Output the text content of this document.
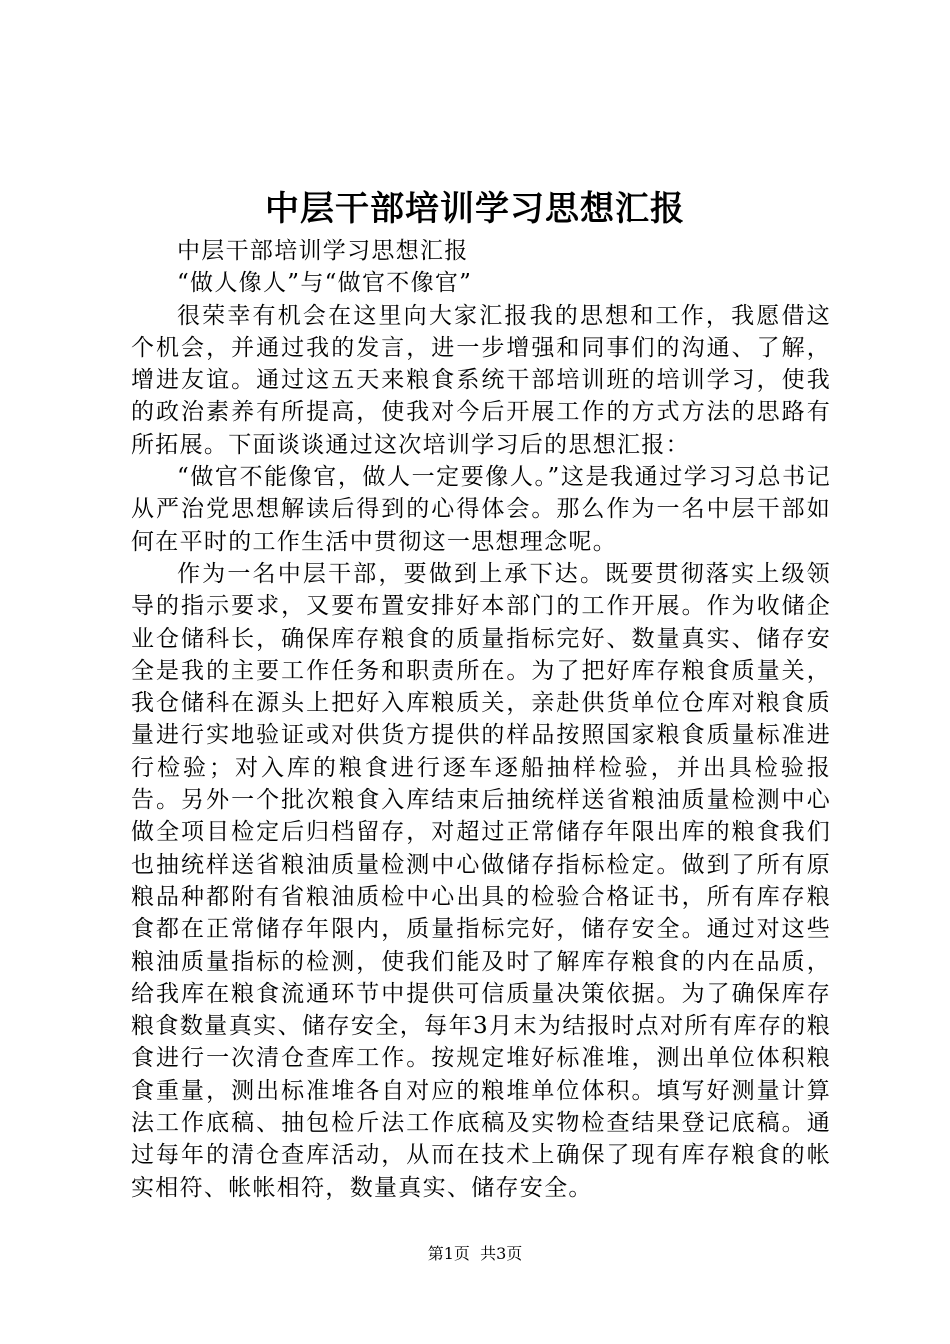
中层干部培训学习思想汇报

中层干部培训学习思想汇报

“做人像人”与“做官不像官”

很荣幸有机会在这里向大家汇报我的思想和工作，我愿借这个机会，并通过我的发言，进一步增强和同事们的沟通、了解，增进友谊。通过这五天来粮食系统干部培训班的培训学习，使我的政治素养有所提高，使我对今后开展工作的方式方法的思路有所拓展。下面谈谈通过这次培训学习后的思想汇报：

“做官不能像官，做人一定要像人。”这是我通过学习习总书记从严治党思想解读后得到的心得体会。那么作为一名中层干部如何在平时的工作生活中贯彻这一思想理念呢。

作为一名中层干部，要做到上承下达。既要贯彻落实上级领导的指示要求，又要布置安排好本部门的工作开展。作为收储企业仓储科长，确保库存粮食的质量指标完好、数量真实、储存安全是我的主要工作任务和职责所在。为了把好库存粮食质量关，我仓储科在源头上把好入库粮质关，亲赴供货单位仓库对粮食质量进行实地验证或对供货方提供的样品按照国家粮食质量标准进行检验；对入库的粮食进行逐车逐船抽样检验，并出具检验报告。另外一个批次粮食入库结束后抽统样送省粮油质量检测中心做全项目检定后归档留存，对超过正常储存年限出库的粮食我们也抽统样送省粮油质量检测中心做储存指标检定。做到了所有原粮品种都附有省粮油质检中心出具的检验合格证书，所有库存粮食都在正常储存年限内，质量指标完好，储存安全。通过对这些粮油质量指标的检测，使我们能及时了解库存粮食的内在品质，给我库在粮食流通环节中提供可信质量决策依据。为了确保库存粮食数量真实、储存安全，每年3月末为结报时点对所有库存的粮食进行一次清仓查库工作。按规定堆好标准堆，测出单位体积粮食重量，测出标准堆各自对应的粮堆单位体积。填写好测量计算法工作底稿、抽包检斤法工作底稿及实物检查结果登记底稿。通过每年的清仓查库活动，从而在技术上确保了现有库存粮食的帐实相符、帐帐相符，数量真实、储存安全。

第1页  共3页
